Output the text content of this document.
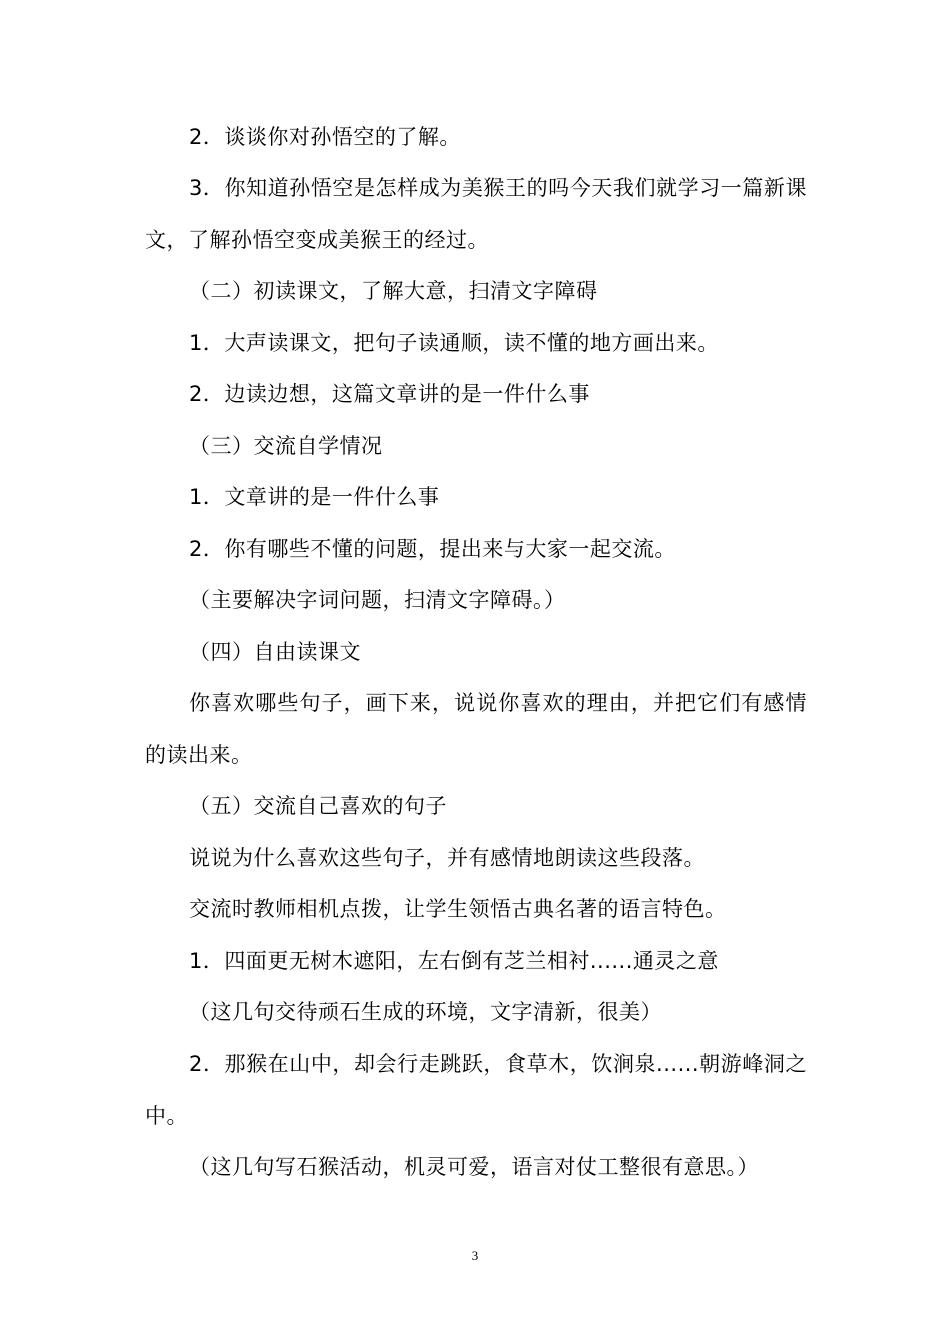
2．谈谈你对孙悟空的了解。

3．你知道孙悟空是怎样成为美猴王的吗今天我们就学习一篇新课文，了解孙悟空变成美猴王的经过。

（二）初读课文，了解大意，扫清文字障碍

1．大声读课文，把句子读通顺，读不懂的地方画出来。

2．边读边想，这篇文章讲的是一件什么事

（三）交流自学情况

1．文章讲的是一件什么事

2．你有哪些不懂的问题，提出来与大家一起交流。

（主要解决字词问题，扫清文字障碍。）

（四）自由读课文

你喜欢哪些句子，画下来，说说你喜欢的理由，并把它们有感情的读出来。

（五）交流自己喜欢的句子

说说为什么喜欢这些句子，并有感情地朗读这些段落。

交流时教师相机点拨，让学生领悟古典名著的语言特色。

1．四面更无树木遮阳，左右倒有芝兰相衬......通灵之意

（这几句交待顽石生成的环境，文字清新，很美）

2．那猴在山中，却会行走跳跃，食草木，饮涧泉......朝游峰洞之中。

（这几句写石猴活动，机灵可爱，语言对仗工整很有意思。）

3
